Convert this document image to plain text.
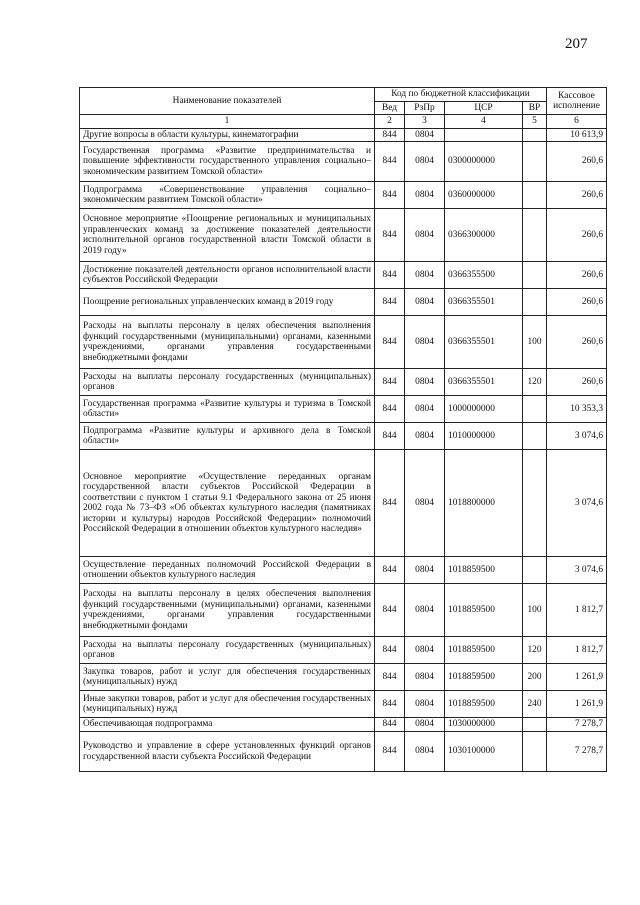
207
Наименование показателей	Код по бюджетной классификации				Кассовое исполнение
	Вед	РзПр	ЦСР	ВР	
1	2	3	4	5	6
Другие вопросы в области культуры, кинематографии	844	0804			10 613,9
Государственная программа «Развитие предпринимательства и повышение эффективности государственного управления социально–экономическим развитием Томской области»	844	0804	0300000000		260,6
Подпрограмма «Совершенствование управления социально–экономическим развитием Томской области»	844	0804	0360000000		260,6
Основное мероприятие «Поощрение региональных и муниципальных управленческих команд за достижение показателей деятельности исполнительной органов государственной власти Томской области в 2019 году»	844	0804	0366300000		260,6
Достижение показателей деятельности органов исполнительной власти субъектов Российской Федерации	844	0804	0366355500		260,6
Поощрение региональных управленческих команд в 2019 году	844	0804	0366355501		260,6
Расходы на выплаты персоналу в целях обеспечения выполнения функций государственными (муниципальными) органами, казенными учреждениями, органами управления государственными внебюджетными фондами	844	0804	0366355501	100	260,6
Расходы на выплаты персоналу государственных (муниципальных) органов	844	0804	0366355501	120	260,6
Государственная программа «Развитие культуры и туризма в Томской области»	844	0804	1000000000		10 353,3
Подпрограмма «Развитие культуры и архивного дела в Томской области»	844	0804	1010000000		3 074,6
Основное мероприятие «Осуществление переданных органам государственной власти субъектов Российской Федерации в соответствии с пунктом 1 статьи 9.1 Федерального закона от 25 июня 2002 года № 73–ФЗ «Об объектах культурного наследия (памятниках истории и культуры) народов Российской Федерации» полномочий Российской Федерации в отношении объектов культурного наследия»	844	0804	1018800000		3 074,6
Осуществление переданных полномочий Российской Федерации в отношении объектов культурного наследия	844	0804	1018859500		3 074,6
Расходы на выплаты персоналу в целях обеспечения выполнения функций государственными (муниципальными) органами, казенными учреждениями, органами управления государственными внебюджетными фондами	844	0804	1018859500	100	1 812,7
Расходы на выплаты персоналу государственных (муниципальных) органов	844	0804	1018859500	120	1 812,7
Закупка товаров, работ и услуг для обеспечения государственных (муниципальных) нужд	844	0804	1018859500	200	1 261,9
Иные закупки товаров, работ и услуг для обеспечения государственных (муниципальных) нужд	844	0804	1018859500	240	1 261,9
Обеспечивающая подпрограмма	844	0804	1030000000		7 278,7
Руководство и управление в сфере установленных функций органов государственной власти субъекта Российской Федерации	844	0804	1030100000		7 278,7
